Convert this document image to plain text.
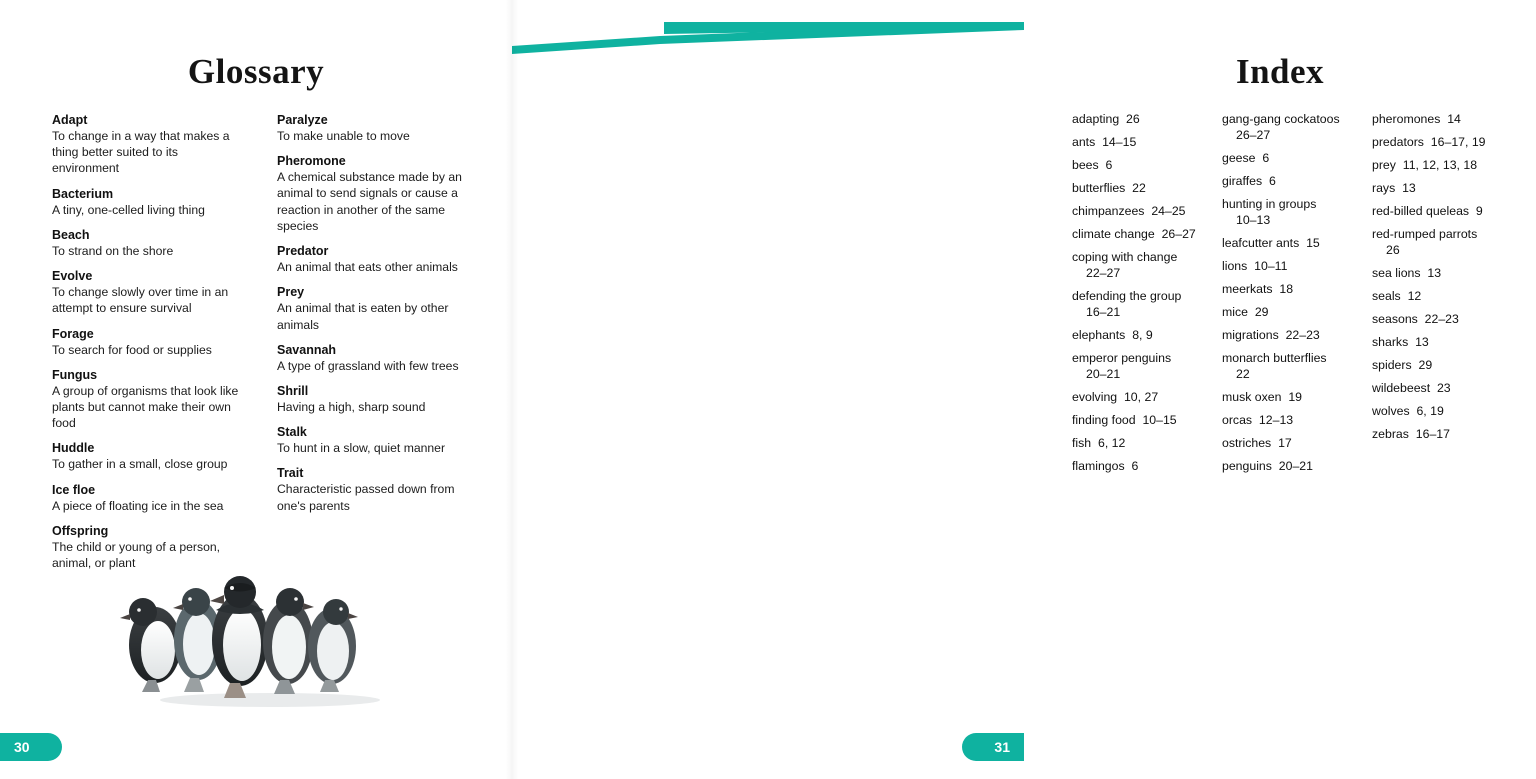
Glossary
Adapt
To change in a way that makes a thing better suited to its environment
Bacterium
A tiny, one-celled living thing
Beach
To strand on the shore
Evolve
To change slowly over time in an attempt to ensure survival
Forage
To search for food or supplies
Fungus
A group of organisms that look like plants but cannot make their own food
Huddle
To gather in a small, close group
Ice floe
A piece of floating ice in the sea
Offspring
The child or young of a person, animal, or plant
Paralyze
To make unable to move
Pheromone
A chemical substance made by an animal to send signals or cause a reaction in another of the same species
Predator
An animal that eats other animals
Prey
An animal that is eaten by other animals
Savannah
A type of grassland with few trees
Shrill
Having a high, sharp sound
Stalk
To hunt in a slow, quiet manner
Trait
Characteristic passed down from one's parents
30
Index
adapting 26
ants 14–15
bees 6
butterflies 22
chimpanzees 24–25
climate change 26–27
coping with change
22–27
defending the group
16–21
elephants 8, 9
emperor penguins
20–21
evolving 10, 27
finding food 10–15
fish 6, 12
flamingos 6
gang-gang cockatoos
26–27
geese 6
giraffes 6
hunting in groups
10–13
leafcutter ants 15
lions 10–11
meerkats 18
mice 29
migrations 22–23
monarch butterflies
22
musk oxen 19
orcas 12–13
ostriches 17
penguins 20–21
pheromones 14
predators 16–17, 19
prey 11, 12, 13, 18
rays 13
red-billed queleas 9
red-rumped parrots
26
sea lions 13
seals 12
seasons 22–23
sharks 13
spiders 29
wildebeest 23
wolves 6, 19
zebras 16–17
31
